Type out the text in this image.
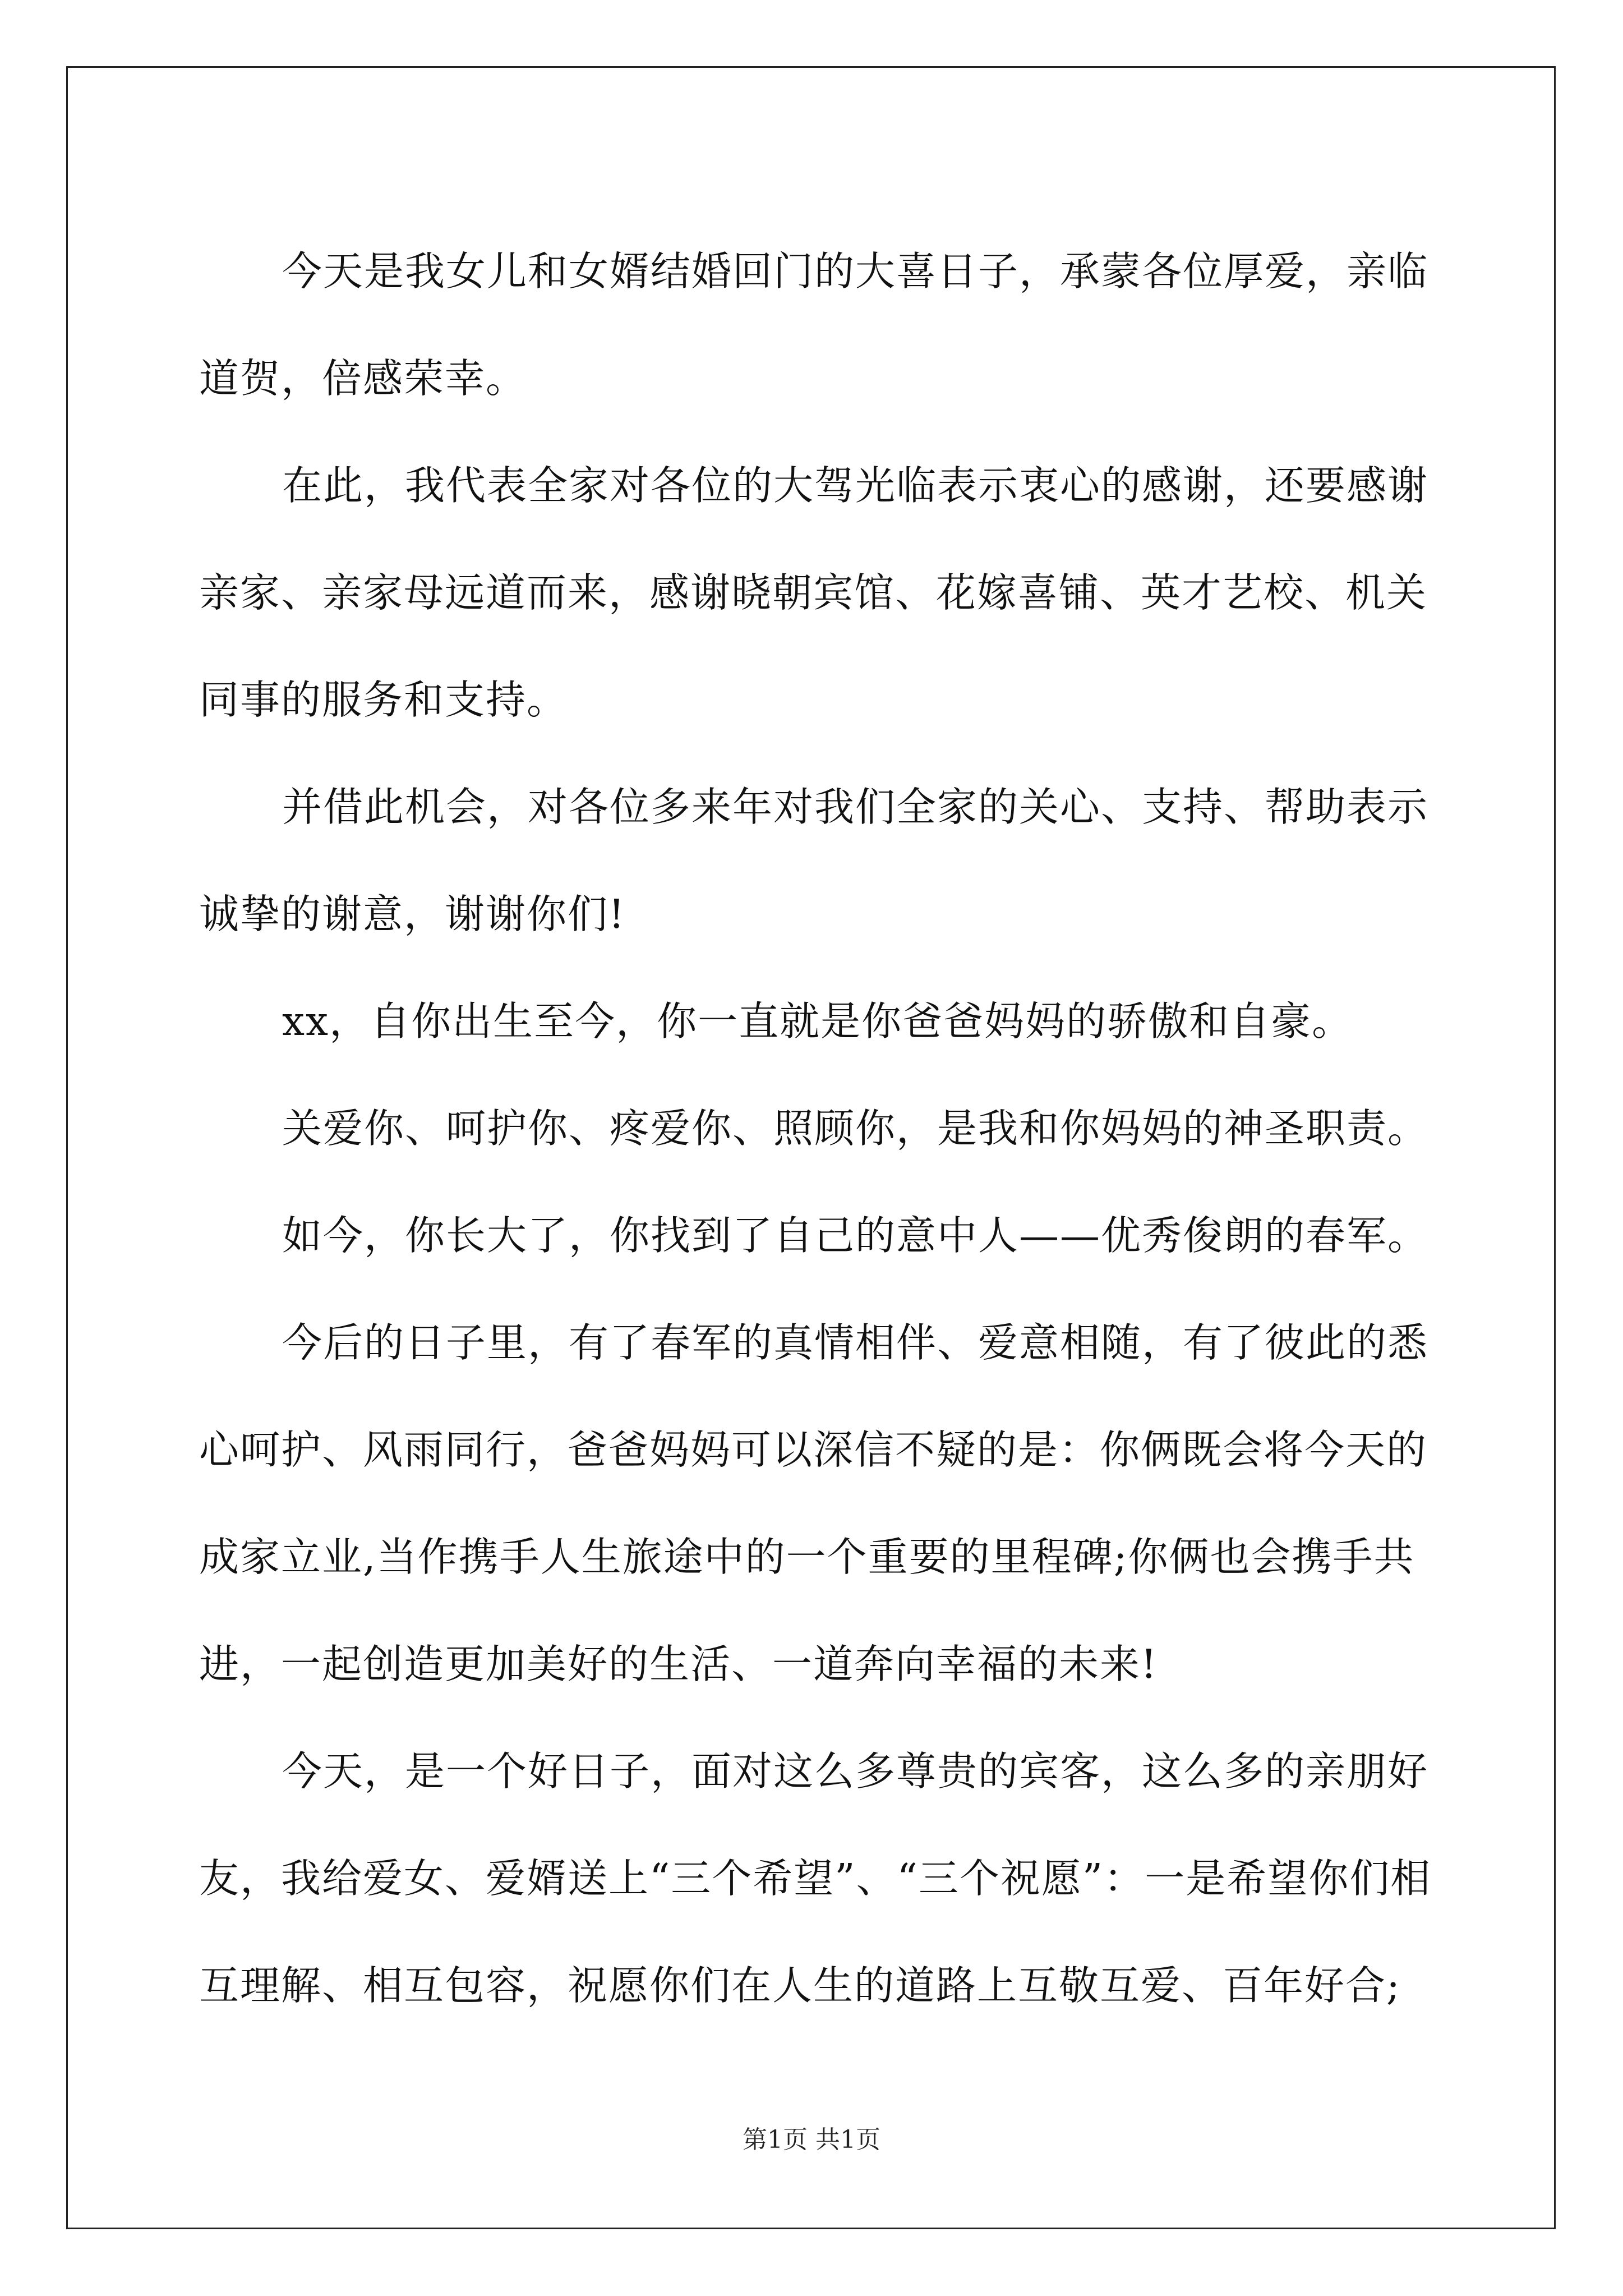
今天是我女儿和女婿结婚回门的大喜日子，承蒙各位厚爱，亲临道贺，倍感荣幸。

在此，我代表全家对各位的大驾光临表示衷心的感谢，还要感谢亲家、亲家母远道而来，感谢晓朝宾馆、花嫁喜铺、英才艺校、机关同事的服务和支持。

并借此机会，对各位多来年对我们全家的关心、支持、帮助表示诚挚的谢意，谢谢你们!

xx，自你出生至今，你一直就是你爸爸妈妈的骄傲和自豪。

关爱你、呵护你、疼爱你、照顾你，是我和你妈妈的神圣职责。

如今，你长大了，你找到了自己的意中人——优秀俊朗的春军。

今后的日子里，有了春军的真情相伴、爱意相随，有了彼此的悉心呵护、风雨同行，爸爸妈妈可以深信不疑的是：你俩既会将今天的成家立业,当作携手人生旅途中的一个重要的里程碑;你俩也会携手共进，一起创造更加美好的生活、一道奔向幸福的未来!

今天，是一个好日子，面对这么多尊贵的宾客，这么多的亲朋好友，我给爱女、爱婿送上“三个希望”、“三个祝愿”：一是希望你们相互理解、相互包容，祝愿你们在人生的道路上互敬互爱、百年好合;

第1页 共1页
